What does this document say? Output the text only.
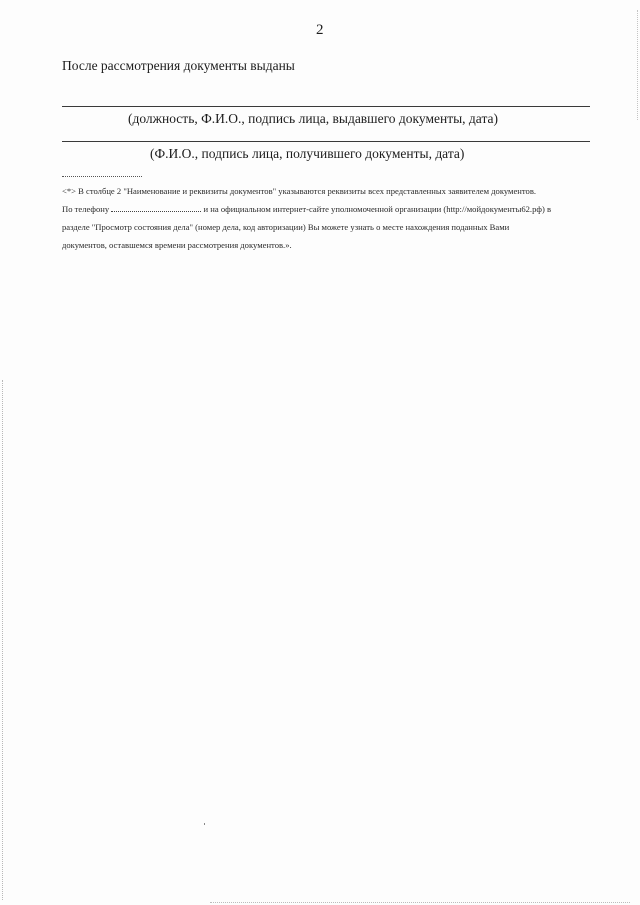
2
После рассмотрения документы выданы
(должность, Ф.И.О., подпись лица, выдавшего документы, дата)
(Ф.И.О., подпись лица, получившего документы, дата)

<*> В столбце 2 "Наименование и реквизиты документов" указываются реквизиты всех представленных заявителем документов.

По телефону	и на официальном интернет-сайте уполномоченной организации (http://мойдокументы62.рф) в

разделе "Просмотр состояния дела" (номер дела, код авторизации) Вы можете узнать о месте нахождения поданных Вами

документов, оставшемся времени рассмотрения документов.».
